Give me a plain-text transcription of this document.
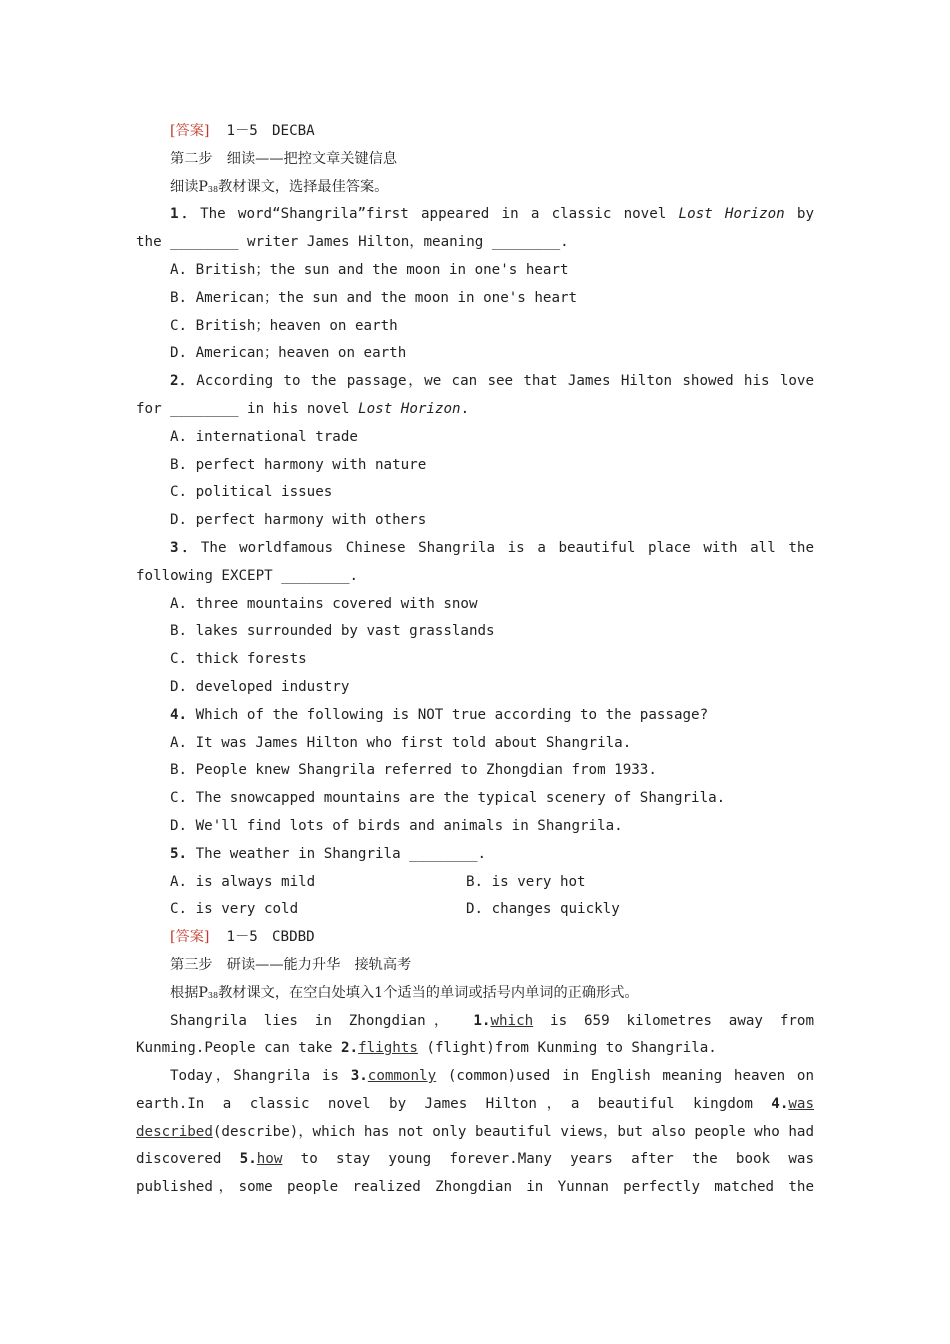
[答案] 1－5　DECBA
第二步　细读——把控文章关键信息
细读$P_{38}$教材课文，选择最佳答案。
1．The word“Shangrila”first appeared in a classic novel Lost Horizon by
the ________ writer James Hilton，meaning ________.
A. British；the sun and the moon in one's heart
B. American；the sun and the moon in one's heart
C. British；heaven on earth
D. American；heaven on earth
2．According to the passage，we can see that James Hilton showed his love
for ________ in his novel Lost Horizon.
A. international trade
B. perfect harmony with nature
C. political issues
D. perfect harmony with others
3．The worldfamous Chinese Shangrila is a beautiful place with all the
following EXCEPT ________.
A. three mountains covered with snow
B. lakes surrounded by vast grasslands
C. thick forests
D. developed industry
4. Which of the following is NOT true according to the passage?
A. It was James Hilton who first told about Shangrila.
B. People knew Shangrila referred to Zhongdian from 1933.
C. The snowcapped mountains are the typical scenery of Shangrila.
D. We'll find lots of birds and animals in Shangrila.
5. The weather in Shangrila ________.
A. is always mild	B. is very hot
C. is very cold	D. changes quickly
[答案] 1－5　CBDBD
第三步　研读——能力升华　接轨高考
根据$P_{38}$教材课文，在空白处填入1个适当的单词或括号内单词的正确形式。
Shangrila lies in Zhongdian， 1.which is 659 kilometres away from
Kunming.People can take 2.flights (flight)from Kunming to Shangrila.
Today，Shangrila is 3.commonly (common)used in English meaning heaven on
earth.In a classic novel by James Hilton，a beautiful kingdom 4.was
described(describe)，which has not only beautiful views，but also people who had
discovered 5.how to stay young forever.Many years after the book was
published，some people realized Zhongdian in Yunnan perfectly matched the
